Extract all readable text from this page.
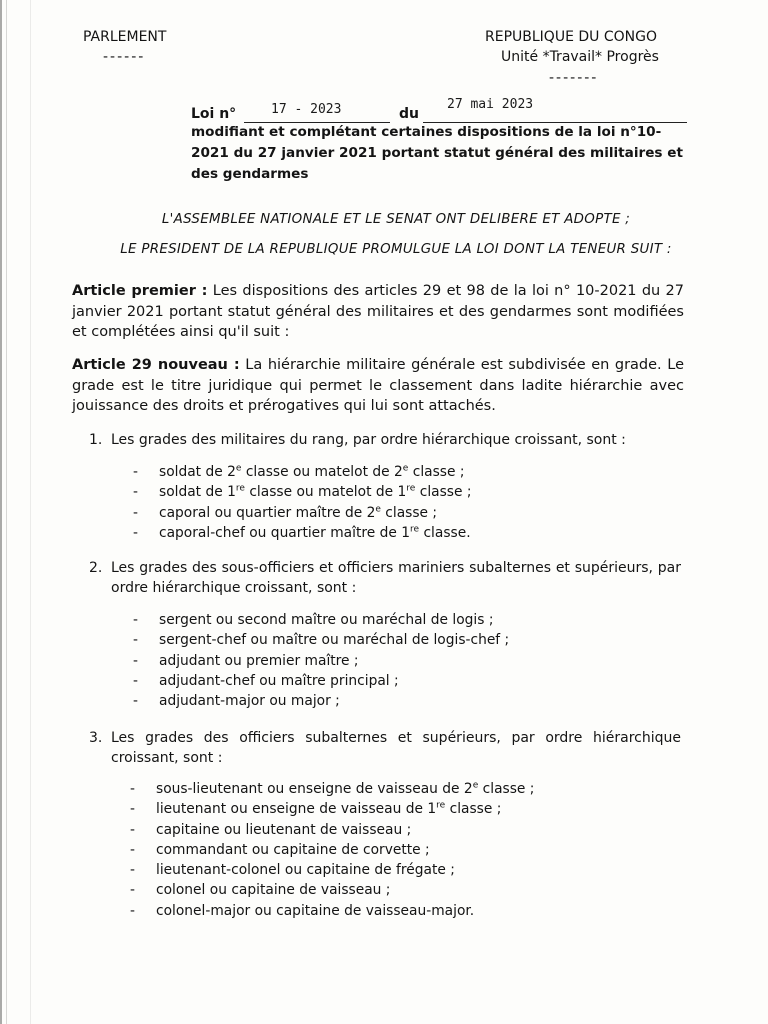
PARLEMENT
------
REPUBLIQUE DU CONGO
Unité *Travail* Progrès
-------
Loi n°	17 - 2023	du
27 mai 2023
modifiant et complétant certaines dispositions de la loi n°10-2021 du 27 janvier 2021 portant statut général des militaires et des gendarmes
L'ASSEMBLEE NATIONALE ET LE SENAT ONT DELIBERE ET ADOPTE ;
LE PRESIDENT DE LA REPUBLIQUE PROMULGUE LA LOI DONT LA TENEUR SUIT :
Article premier : Les dispositions des articles 29 et 98 de la loi n° 10-2021 du 27 janvier 2021 portant statut général des militaires et des gendarmes sont modifiées et complétées ainsi qu'il suit :
Article 29 nouveau : La hiérarchie militaire générale est subdivisée en grade. Le grade est le titre juridique qui permet le classement dans ladite hiérarchie avec jouissance des droits et prérogatives qui lui sont attachés.
1. Les grades des militaires du rang, par ordre hiérarchique croissant, sont :
- soldat de 2e classe ou matelot de 2e classe ;
- soldat de 1re classe ou matelot de 1re classe ;
- caporal ou quartier maître de 2e classe ;
- caporal-chef ou quartier maître de 1re classe.
2. Les grades des sous-officiers et officiers mariniers subalternes et supérieurs, par ordre hiérarchique croissant, sont :
- sergent ou second maître ou maréchal de logis ;
- sergent-chef ou maître ou maréchal de logis-chef ;
- adjudant ou premier maître ;
- adjudant-chef ou maître principal ;
- adjudant-major ou major ;
3. Les grades des officiers subalternes et supérieurs, par ordre hiérarchique croissant, sont :
- sous-lieutenant ou enseigne de vaisseau de 2e classe ;
- lieutenant ou enseigne de vaisseau de 1re classe ;
- capitaine ou lieutenant de vaisseau ;
- commandant ou capitaine de corvette ;
- lieutenant-colonel ou capitaine de frégate ;
- colonel ou capitaine de vaisseau ;
- colonel-major ou capitaine de vaisseau-major.
